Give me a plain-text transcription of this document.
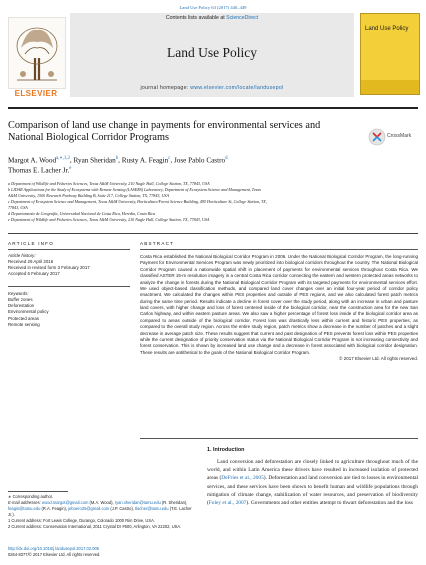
Land Use Policy 63 (2017) 440–449
ELSEVIER
Contents lists available at ScienceDirect
Land Use Policy
journal homepage: www.elsevier.com/locate/landusepol
Land Use Policy
Comparison of land use change in payments for environmental services and National Biological Corridor Programs	CrossMark
Margot A. Wood$^{a,∗,1,2}$, Ryan Sheridan$^b$, Rusty A. Feagin$^c$, Jose Pablo Castro$^d$
Thomas E. Lacher Jr.$^e$
a Department of Wildlife and Fisheries Sciences, Texas A&M University, 210 Nagle Hall, College Station, TX, 77843, USA
b LIDAR Applications for the Study of Ecosystems with Remote Sensing (LASERS) Laboratory, Department of Ecosystem Science and Management, Texas
A&M University, 1500 Research Parkway Building B, Suite 217, College Station, TX, 77843, USA
c Department of Ecosystem Science and Management, Texas A&M University, Horticulture/Forest Science Building, 495 Horticulture St, College Station, TX,
77843, USA
d Departamento de Geografía, Universidad Nacional de Costa Rica, Heredia, Costa Rica
e Department of Wildlife and Fisheries Sciences, Texas A&M University, 210 Nagle Hall, College Station, TX, 77843, USA
ARTICLE INFO
Article history:
Received 29 April 2016
Received in revised form 3 February 2017
Accepted 6 February 2017
Keywords:
Buffer zones
Deforestation
Environmental policy
Protected areas
Remote sensing
ABSTRACT
Costa Rica established the National Biological Corridor Program in 2006. Under the National Biological Corridor Program, the long-running Payment for Environmental Services Program was newly prioritized into biological corridors throughout the country. The National Biological Corridor Program caused a nationwide spatial shift in placement of payments for environmental services throughout Costa Rica. We classified ASTER 15-m resolution imagery in a central Costa Rica corridor connecting the eastern and western protected areas networks to analyze the change in forests during the National Biological Corridor Program with its targeted payments for environmental services effort. We used object-based classification methods, and compared land cover changes over an initial four-year period of corridor policy enactment. We calculated the changes within PES properties and outside of PES regions, and we also calculated forest patch metrics during the same time period. Results indicate a decline in forest cover over the study period, along with an increase in urban and pasture land covers, with higher change and loss of forest centered inside of the biological corridor, near the construction area for the new San Carlos highway, and within eastern pasture areas. We also saw a higher percentage of forest loss inside of the biological corridor area as compared to areas outside of the biological corridor. Forest loss was drastically less within current and historic PES properties, as compared to the overall study region. Across the entire study region, patch metrics show a decrease in the number of patches and a slight decrease in average patch size. These results suggest that current and past designation of PES prevents forest loss within PES properties while the current designation of priority conservation status via the National Biological Corridor Program is not increasing connectivity and forest conservation. This is shown by increased land use change and a decrease in forest associated with biological corridor designation. These results are antithetical to the goals of the National Biological Corridor Program.
© 2017 Elsevier Ltd. All rights reserved.
1. Introduction
Land conversion and deforestation are closely linked to agriculture throughout much of the world, and within Latin America these drivers have resulted in increased isolation of protected areas (DeFries et al., 2005). Deforestation and land conversion are tied to losses in environmental services, and these services have been shown to benefit human and wildlife populations through mitigation of climate change, stabilization of water resources, and preservation of biodiversity (Foley et al., 2007). Governments and other entities attempt to thwart deforestation and the loss
∗ Corresponding author.
E-mail addresses: wood.margot@gmail.com (M.A. Wood), ryan.sheridan@tamu.edu (R. Sheridan), feagin@tamu.edu (R.A. Feagin), jeboero25@gmail.com (J.P. Castro), tlacher@tamu.edu (T.E. Lacher Jr.).
1 Current address: Fort Lewis College, Durango, Colorado 1000 Rim Drive, USA.
2 Current address: Conservation International, 2011 Crystal Dr #500, Arlington, VA 22202, USA.
http://dx.doi.org/10.1016/j.landusepol.2017.02.005
0264-8377/© 2017 Elsevier Ltd. All rights reserved.
